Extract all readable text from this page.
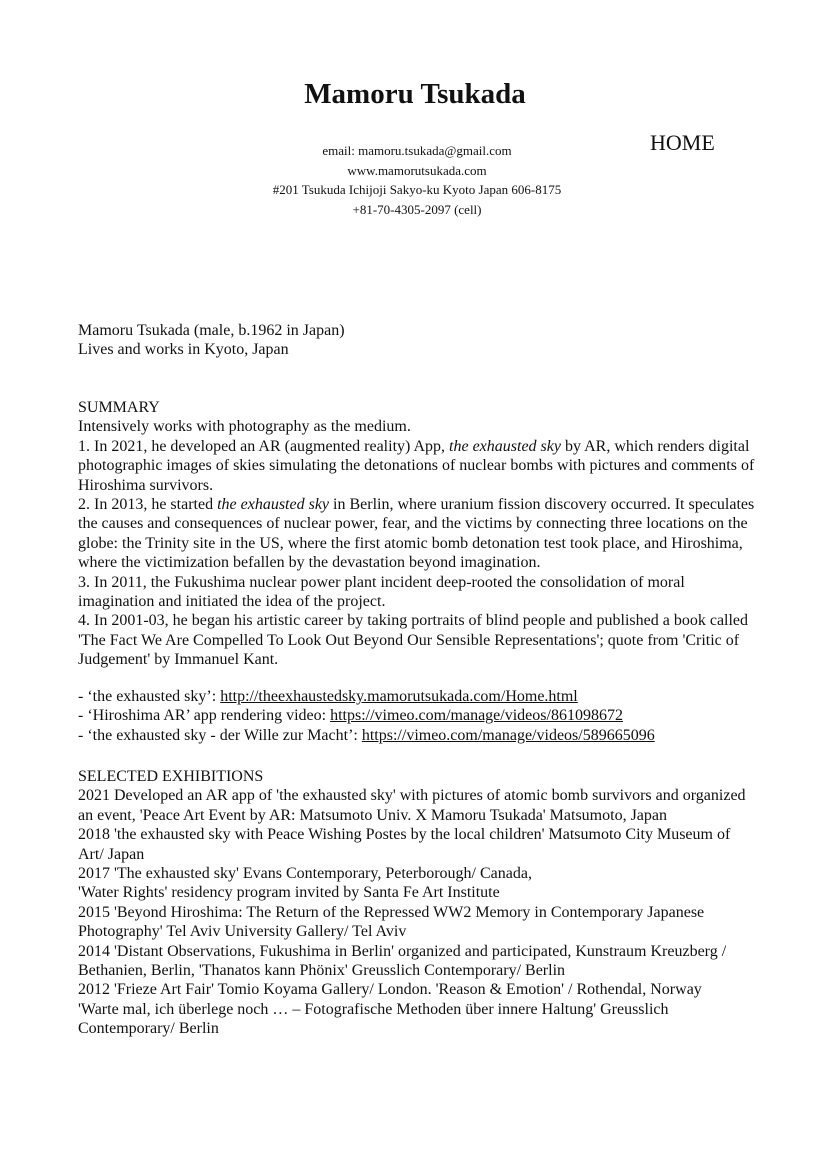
Mamoru Tsukada
HOME
email: mamoru.tsukada@gmail.com
www.mamorutsukada.com
#201 Tsukuda Ichijoji Sakyo-ku Kyoto Japan 606-8175
+81-70-4305-2097 (cell)

Mamoru Tsukada (male, b.1962 in Japan)

Lives and works in Kyoto, Japan

SUMMARY

Intensively works with photography as the medium.

1. In 2021, he developed an AR (augmented reality) App, the exhausted sky by AR, which renders digital photographic images of skies simulating the detonations of nuclear bombs with pictures and comments of Hiroshima survivors.

2. In 2013, he started the exhausted sky in Berlin, where uranium fission discovery occurred. It speculates the causes and consequences of nuclear power, fear, and the victims by connecting three locations on the globe: the Trinity site in the US, where the first atomic bomb detonation test took place, and Hiroshima, where the victimization befallen by the devastation beyond imagination.

3. In 2011, the Fukushima nuclear power plant incident deep-rooted the consolidation of moral imagination and initiated the idea of the project.

4. In 2001-03, he began his artistic career by taking portraits of blind people and published a book called 'The Fact We Are Compelled To Look Out Beyond Our Sensible Representations'; quote from 'Critic of Judgement' by Immanuel Kant.

- ‘the exhausted sky’: http://theexhaustedsky.mamorutsukada.com/Home.html

- ‘Hiroshima AR’ app rendering video: https://vimeo.com/manage/videos/861098672

- ‘the exhausted sky - der Wille zur Macht’: https://vimeo.com/manage/videos/589665096

SELECTED EXHIBITIONS

2021 Developed an AR app of 'the exhausted sky' with pictures of atomic bomb survivors and organized an event, 'Peace Art Event by AR: Matsumoto Univ. X Mamoru Tsukada' Matsumoto, Japan

2018 'the exhausted sky with Peace Wishing Postes by the local children' Matsumoto City Museum of Art/ Japan

2017 'The exhausted sky' Evans Contemporary, Peterborough/ Canada,

'Water Rights' residency program invited by Santa Fe Art Institute

2015 'Beyond Hiroshima: The Return of the Repressed WW2 Memory in Contemporary Japanese Photography' Tel Aviv University Gallery/ Tel Aviv

2014 'Distant Observations, Fukushima in Berlin' organized and participated, Kunstraum Kreuzberg / Bethanien, Berlin, 'Thanatos kann Phönix' Greusslich Contemporary/ Berlin

2012 'Frieze Art Fair' Tomio Koyama Gallery/ London. 'Reason & Emotion' / Rothendal, Norway

'Warte mal, ich überlege noch … – Fotografische Methoden über innere Haltung' Greusslich Contemporary/ Berlin
